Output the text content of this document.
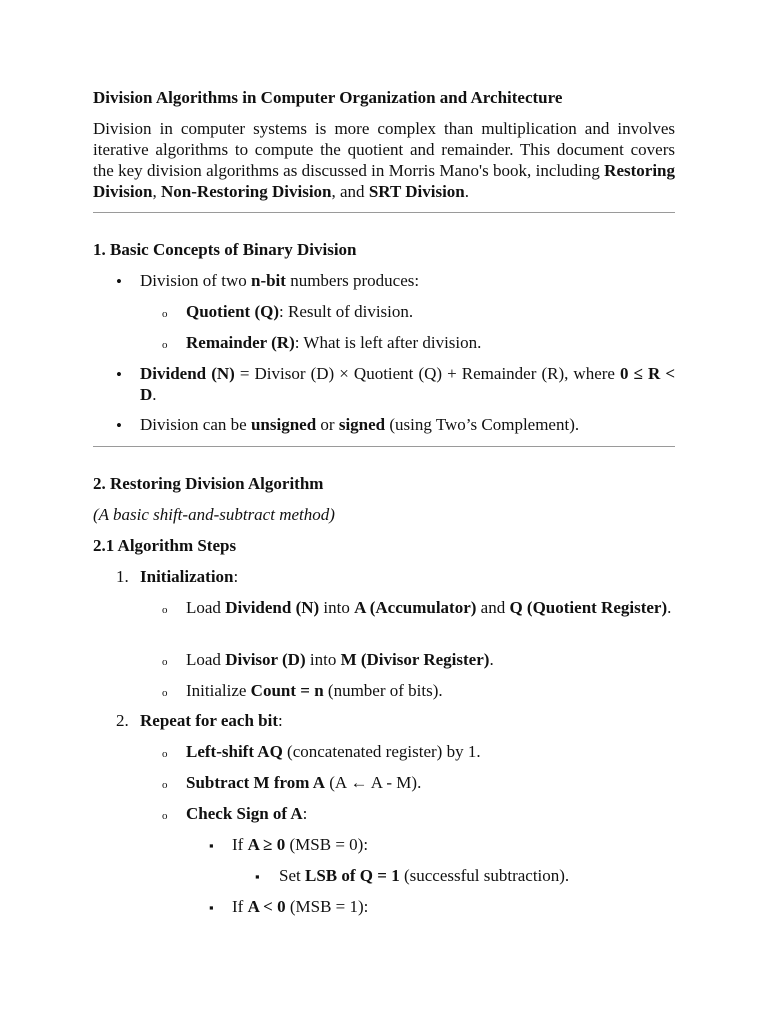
Division Algorithms in Computer Organization and Architecture

Division in computer systems is more complex than multiplication and involves iterative algorithms to compute the quotient and remainder. This document covers the key division algorithms as discussed in Morris Mano's book, including Restoring Division, Non-Restoring Division, and SRT Division.

1. Basic Concepts of Binary Division

•

Division of two n-bit numbers produces:

o Quotient (Q): Result of division.

o Remainder (R): What is left after division.

•

Dividend (N) = Divisor (D) × Quotient (Q) + Remainder (R), where 0 ≤ R < D.

•

Division can be unsigned or signed (using Two’s Complement).

2. Restoring Division Algorithm

(A basic shift-and-subtract method)

2.1 Algorithm Steps

1. Initialization:

o Load Dividend (N) into A (Accumulator) and Q (Quotient Register).

o Load Divisor (D) into M (Divisor Register).

o Initialize Count = n (number of bits).

2. Repeat for each bit:

o Left-shift AQ (concatenated register) by 1.

o Subtract M from A (A ← A - M).

o Check Sign of A:

▪

If A ≥ 0 (MSB = 0):

▪

Set LSB of Q = 1 (successful subtraction).

▪

If A < 0 (MSB = 1):
